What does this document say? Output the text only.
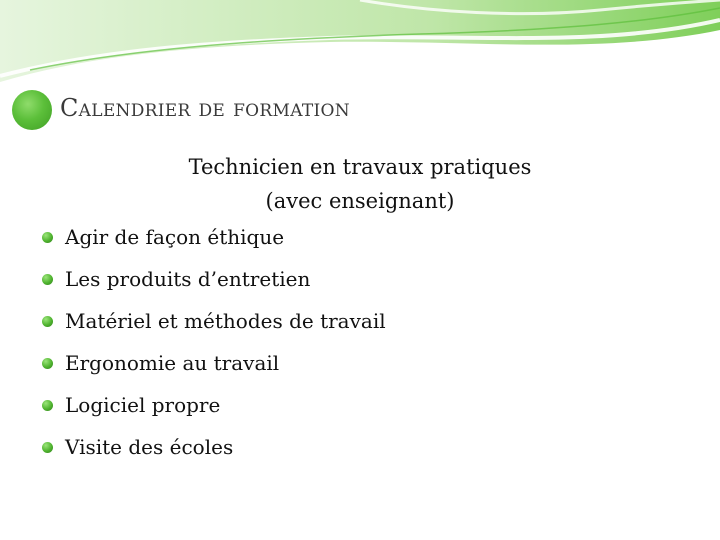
Calendrier de formation
Technicien en travaux pratiques
(avec enseignant)
Agir de façon éthique
Les produits d’entretien
Matériel et méthodes de travail
Ergonomie au travail
Logiciel propre
Visite des écoles
